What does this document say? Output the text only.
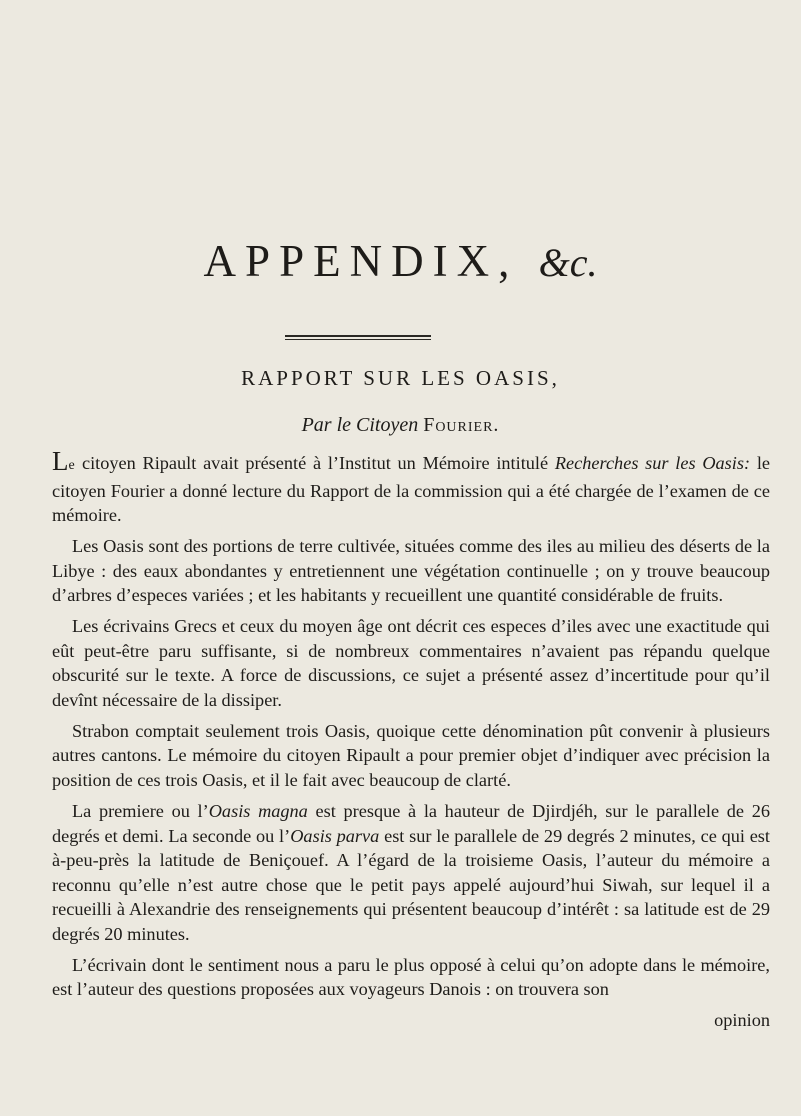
APPENDIX, &c.
RAPPORT SUR LES OASIS,
Par le Citoyen Fourier.

Le citoyen Ripault avait présenté à l’Institut un Mémoire intitulé Recherches sur les Oasis: le citoyen Fourier a donné lecture du Rapport de la commission qui a été chargée de l’examen de ce mémoire.

Les Oasis sont des portions de terre cultivée, situées comme des iles au milieu des déserts de la Libye : des eaux abondantes y entretiennent une végétation continuelle ; on y trouve beaucoup d’arbres d’especes variées ; et les habitants y recueillent une quantité considérable de fruits.

Les écrivains Grecs et ceux du moyen âge ont décrit ces especes d’iles avec une exactitude qui eût peut-être paru suffisante, si de nombreux commentaires n’avaient pas répandu quelque obscurité sur le texte. A force de discussions, ce sujet a présenté assez d’incertitude pour qu’il devînt nécessaire de la dissiper.

Strabon comptait seulement trois Oasis, quoique cette dénomination pût convenir à plusieurs autres cantons. Le mémoire du citoyen Ripault a pour premier objet d’indiquer avec précision la position de ces trois Oasis, et il le fait avec beaucoup de clarté.

La premiere ou l’Oasis magna est presque à la hauteur de Djirdjéh, sur le parallele de 26 degrés et demi. La seconde ou l’Oasis parva est sur le parallele de 29 degrés 2 minutes, ce qui est à-peu-près la latitude de Beniçouef. A l’égard de la troisieme Oasis, l’auteur du mémoire a reconnu qu’elle n’est autre chose que le petit pays appelé aujourd’hui Siwah, sur lequel il a recueilli à Alexandrie des renseignements qui présentent beaucoup d’intérêt : sa latitude est de 29 degrés 20 minutes.

L’écrivain dont le sentiment nous a paru le plus opposé à celui qu’on adopte dans le mémoire, est l’auteur des questions proposées aux voyageurs Danois : on trouvera son

opinion
